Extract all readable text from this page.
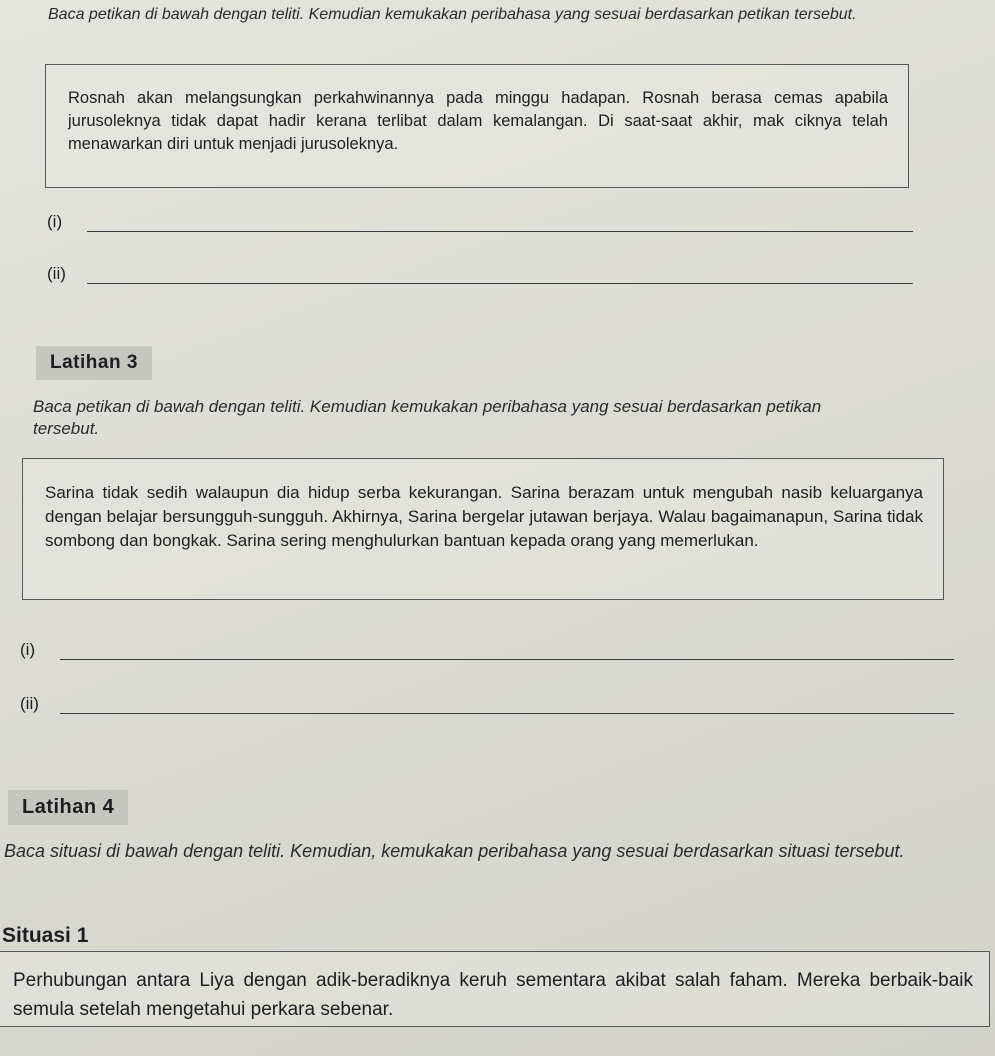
Baca petikan di bawah dengan teliti. Kemudian kemukakan peribahasa yang sesuai berdasarkan petikan tersebut.
Rosnah akan melangsungkan perkahwinannya pada minggu hadapan. Rosnah berasa cemas apabila jurusoleknya tidak dapat hadir kerana terlibat dalam kemalangan. Di saat-saat akhir, mak ciknya telah menawarkan diri untuk menjadi jurusoleknya.
(i)
(ii)
Latihan 3
Baca petikan di bawah dengan teliti. Kemudian kemukakan peribahasa yang sesuai berdasarkan petikan tersebut.
Sarina tidak sedih walaupun dia hidup serba kekurangan. Sarina berazam untuk mengubah nasib keluarganya dengan belajar bersungguh-sungguh. Akhirnya, Sarina bergelar jutawan berjaya. Walau bagaimanapun, Sarina tidak sombong dan bongkak. Sarina sering menghulurkan bantuan kepada orang yang memerlukan.
(i)
(ii)
Latihan 4
Baca situasi di bawah dengan teliti. Kemudian, kemukakan peribahasa yang sesuai berdasarkan situasi tersebut.
Situasi 1
Perhubungan antara Liya dengan adik-beradiknya keruh sementara akibat salah faham. Mereka berbaik-baik semula setelah mengetahui perkara sebenar.
